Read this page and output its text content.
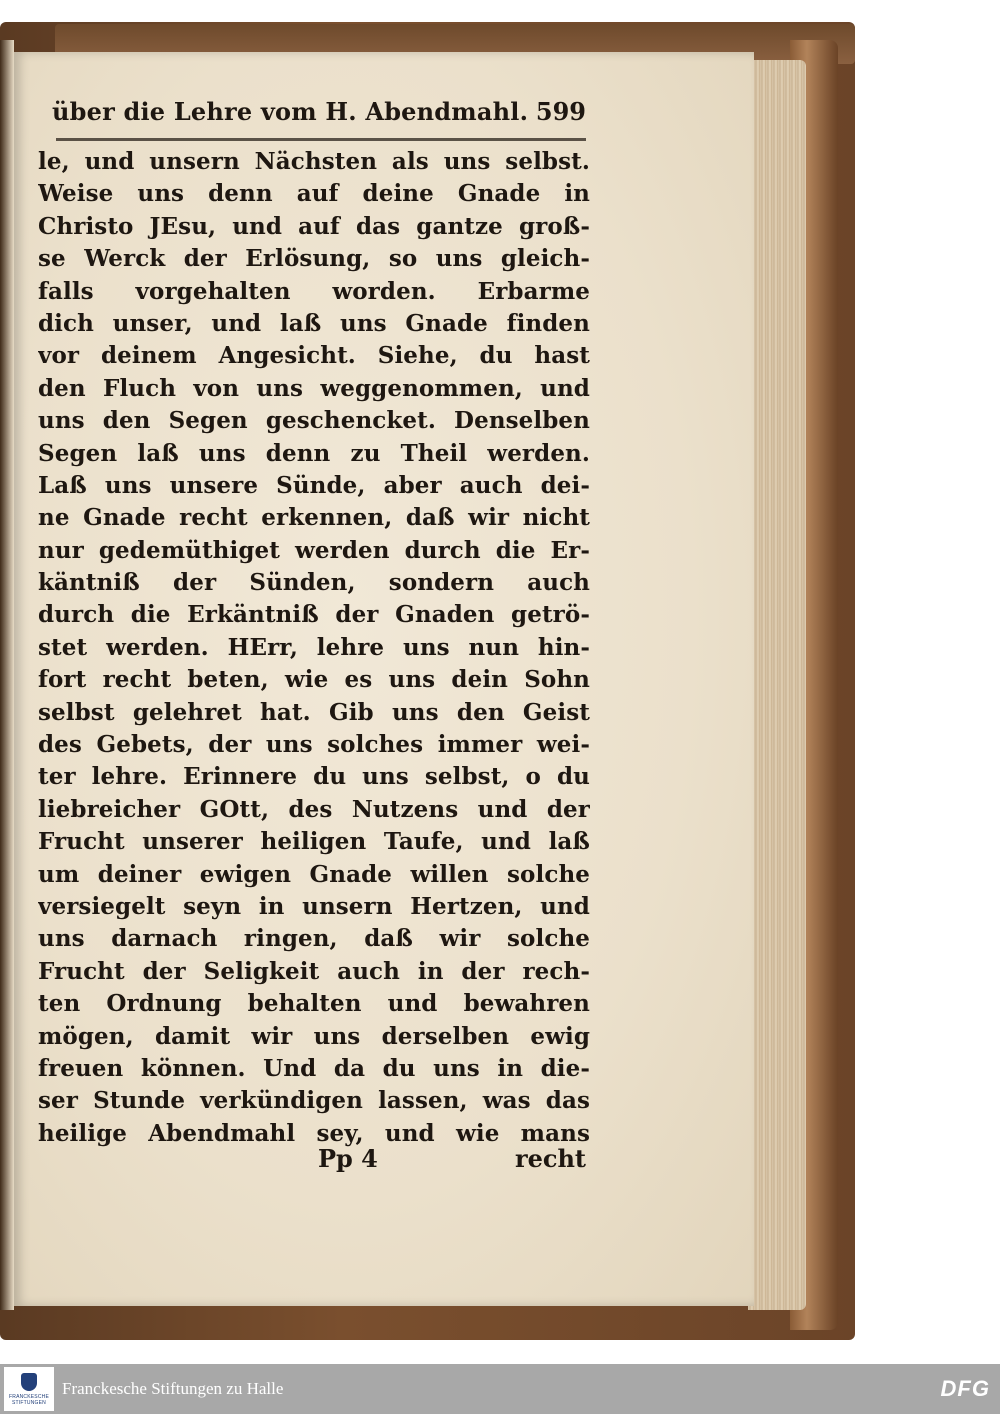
über die Lehre vom H. Abendmahl. 599
le, und unsern Nächsten als uns selbst.
Weise uns denn auf deine Gnade in
Christo JEsu, und auf das gantze groß-
se Werck der Erlösung, so uns gleich-
falls vorgehalten worden. Erbarme
dich unser, und laß uns Gnade finden
vor deinem Angesicht. Siehe, du hast
den Fluch von uns weggenommen, und
uns den Segen geschencket. Denselben
Segen laß uns denn zu Theil werden.
Laß uns unsere Sünde, aber auch dei-
ne Gnade recht erkennen, daß wir nicht
nur gedemüthiget werden durch die Er-
käntniß der Sünden, sondern auch
durch die Erkäntniß der Gnaden getrö-
stet werden. HErr, lehre uns nun hin-
fort recht beten, wie es uns dein Sohn
selbst gelehret hat. Gib uns den Geist
des Gebets, der uns solches immer wei-
ter lehre. Erinnere du uns selbst, o du
liebreicher GOtt, des Nutzens und der
Frucht unserer heiligen Taufe, und laß
um deiner ewigen Gnade willen solche
versiegelt seyn in unsern Hertzen, und
uns darnach ringen, daß wir solche
Frucht der Seligkeit auch in der rech-
ten Ordnung behalten und bewahren
mögen, damit wir uns derselben ewig
freuen können. Und da du uns in die-
ser Stunde verkündigen lassen, was das
heilige Abendmahl sey, und wie mans
Pp 4	recht
FRANCKESCHE
STIFTUNGEN
Franckesche Stiftungen zu Halle	DFG
